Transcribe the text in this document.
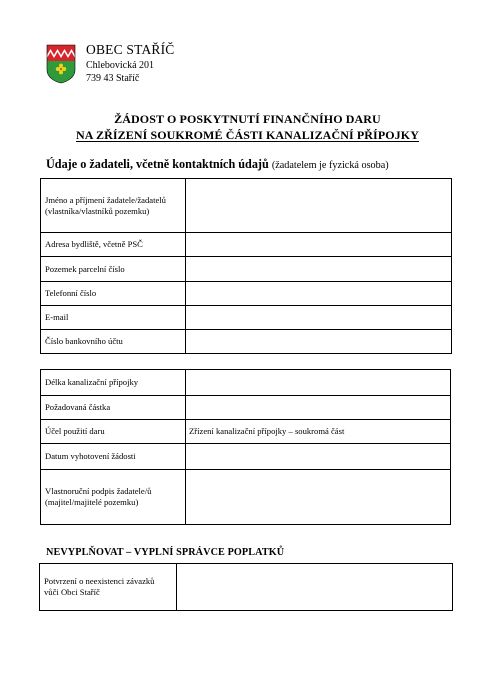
OBEC STAŘÍČ
Chlebovická 201
739 43 Staříč
ŽÁDOST O POSKYTNUTÍ FINANČNÍHO DARU
NA ZŘÍZENÍ SOUKROMÉ ČÁSTI KANALIZAČNÍ PŘÍPOJKY
Údaje o žadateli, včetně kontaktních údajů (žadatelem je fyzická osoba)
Jméno a příjmení žadatele/žadatelů
(vlastníka/vlastníků pozemku)	

Adresa bydliště, včetně PSČ	
Pozemek parcelní číslo	
Telefonní číslo	
E-mail	
Číslo bankovního účtu	
Délka kanalizační přípojky	
Požadovaná částka	
Účel použití daru	Zřízení kanalizační přípojky – soukromá část
Datum vyhotovení žádosti	

Vlastnoruční podpis žadatele/ů
(majitel/majitelé pozemku)	

NEVYPLŇOVAT – VYPLNÍ SPRÁVCE POPLATKŮ
Potvrzení o neexistenci závazků
vůči Obci Staříč
